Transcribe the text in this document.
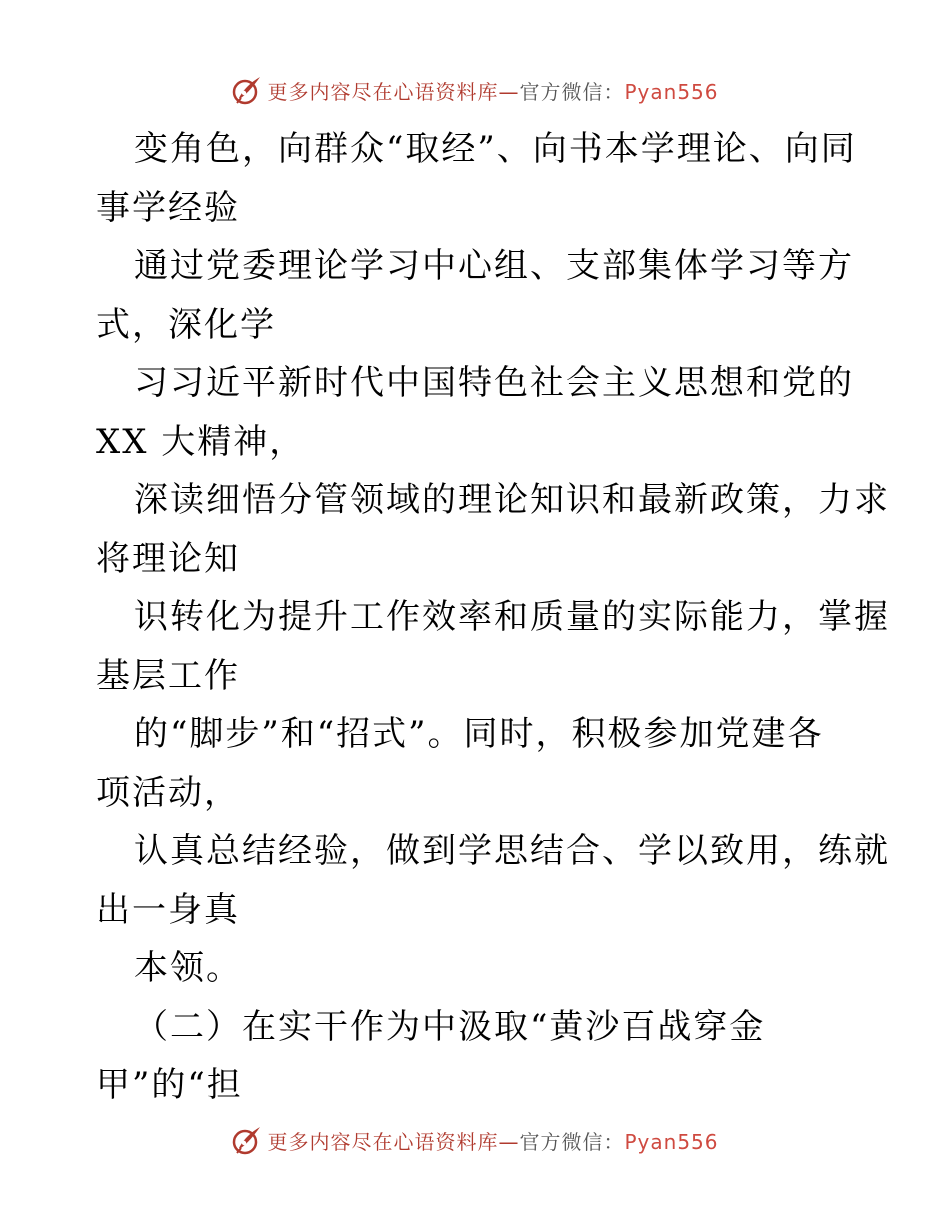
更多内容尽在心语资料库—官方微信：Pyan556
变角色，向群众“取经”、向书本学理论、向同
事学经验
通过党委理论学习中心组、支部集体学习等方
式，深化学
习习近平新时代中国特色社会主义思想和党的
XX 大精神，
深读细悟分管领域的理论知识和最新政策，力求
将理论知
识转化为提升工作效率和质量的实际能力，掌握
基层工作
的“脚步”和“招式”。同时，积极参加党建各
项活动，
认真总结经验，做到学思结合、学以致用，练就
出一身真
本领。
（二）在实干作为中汲取“黄沙百战穿金
甲”的“担
更多内容尽在心语资料库—官方微信：Pyan556
